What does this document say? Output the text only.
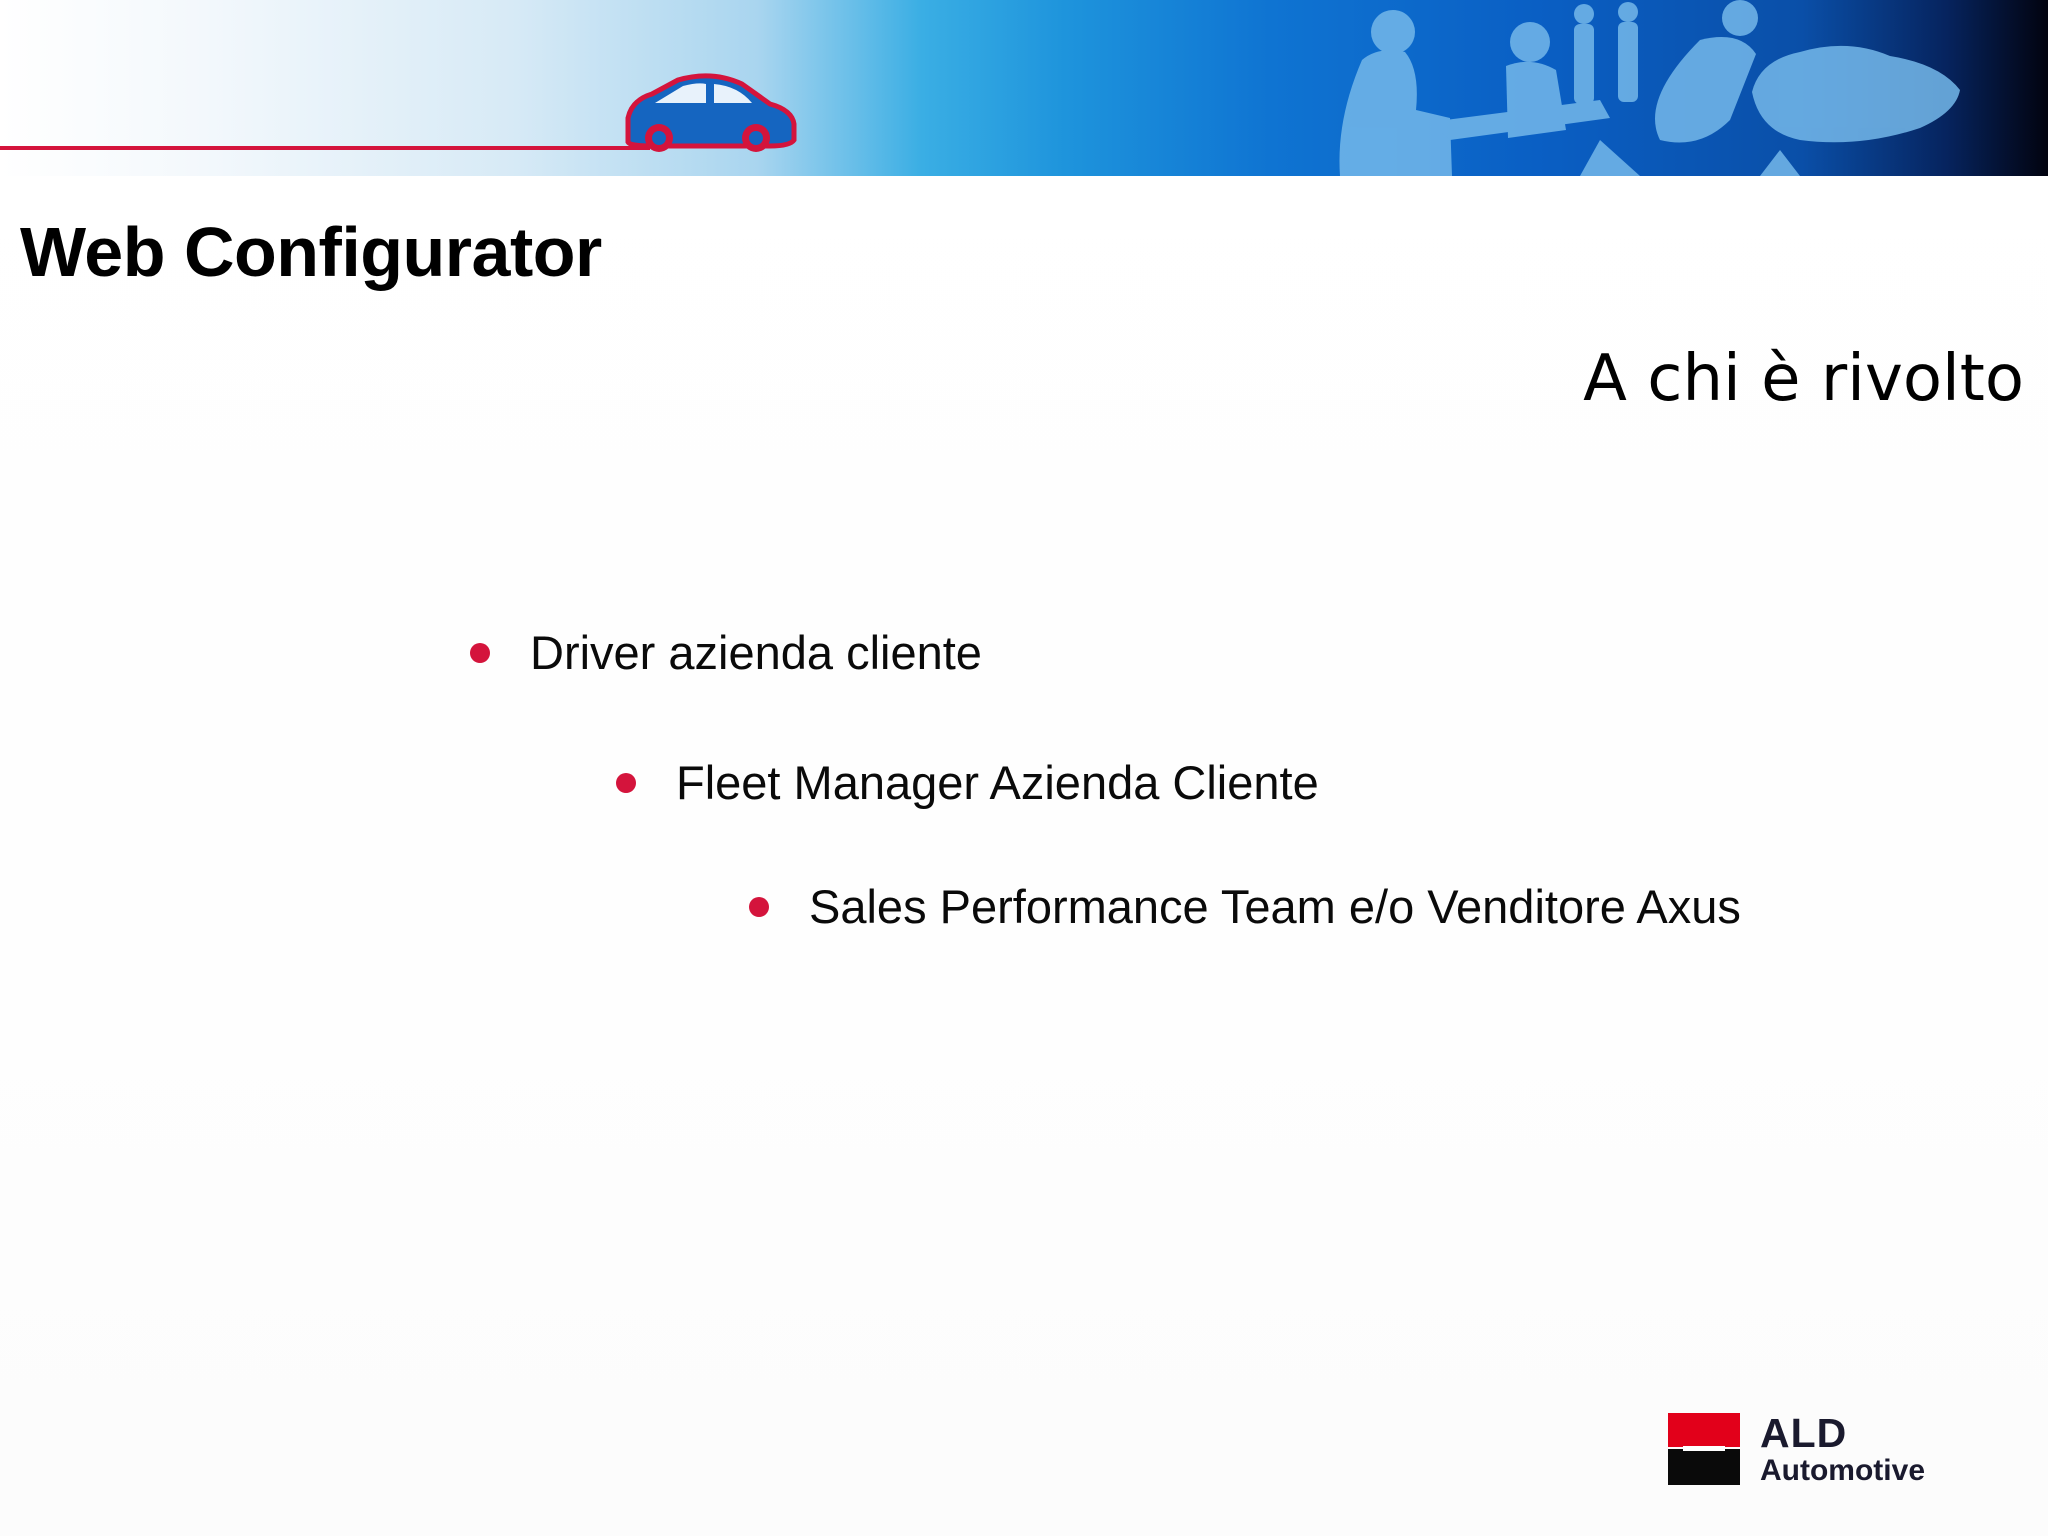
Web Configurator
A chi è rivolto
Driver azienda cliente
Fleet Manager Azienda Cliente
Sales Performance Team e/o Venditore Axus
ALD
Automotive
